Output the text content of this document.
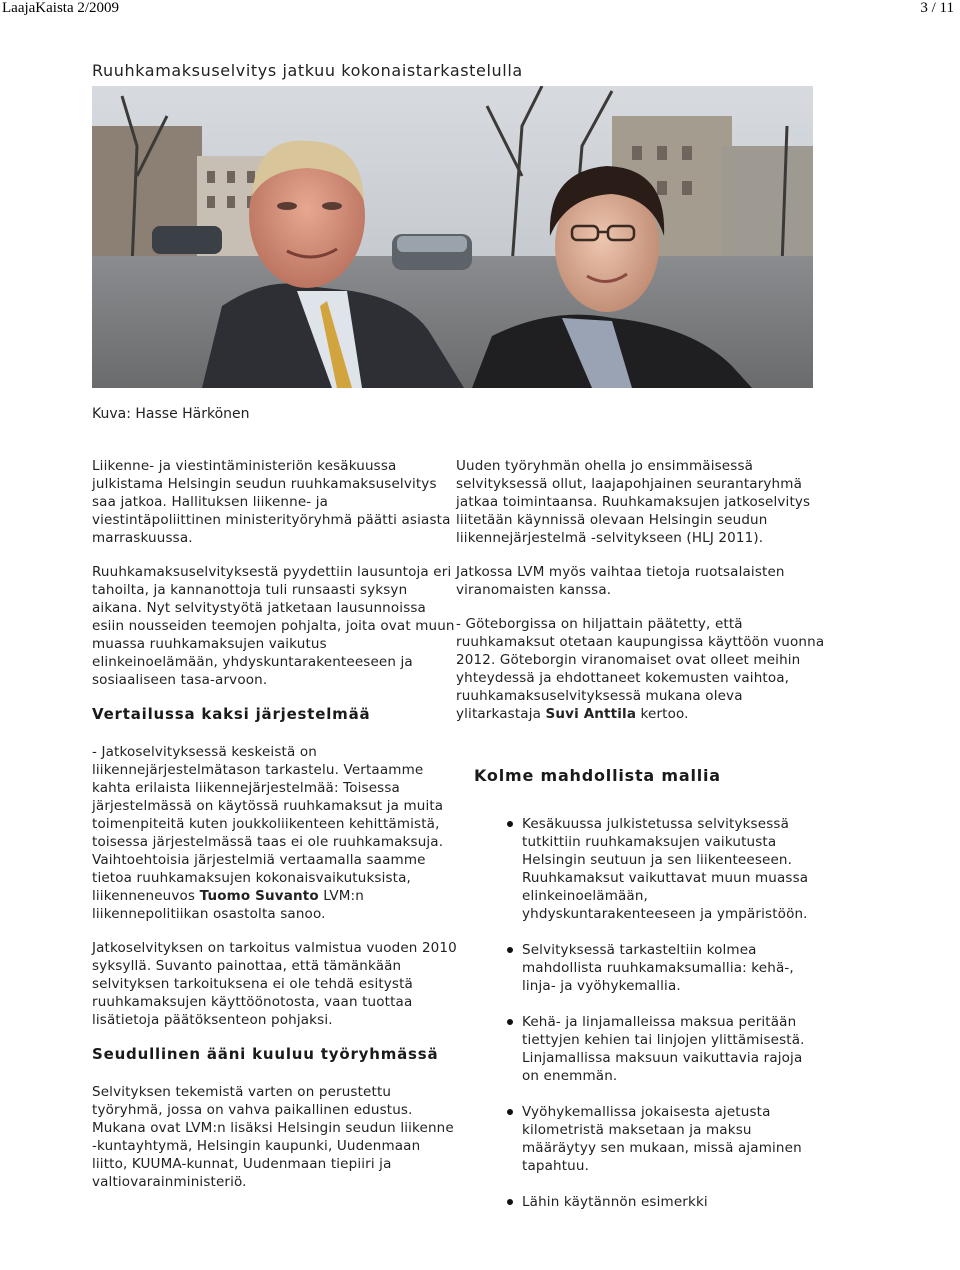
LaajaKaista 2/2009	3 / 11
Ruuhkamaksuselvitys jatkuu kokonaistarkastelulla

Kuva: Hasse Härkönen

Liikenne- ja viestintäministeriön kesäkuussa julkistama Helsingin seudun ruuhkamaksuselvitys saa jatkoa. Hallituksen liikenne- ja viestintäpoliittinen ministerityöryhmä päätti asiasta marraskuussa.

Ruuhkamaksuselvityksestä pyydettiin lausuntoja eri tahoilta, ja kannanottoja tuli runsaasti syksyn aikana. Nyt selvitystyötä jatketaan lausunnoissa esiin nousseiden teemojen pohjalta, joita ovat muun muassa ruuhkamaksujen vaikutus elinkeinoelämään, yhdyskuntarakenteeseen ja sosiaaliseen tasa-arvoon.

Vertailussa kaksi järjestelmää

- Jatkoselvityksessä keskeistä on liikennejärjestelmätason tarkastelu. Vertaamme kahta erilaista liikennejärjestelmää: Toisessa järjestelmässä on käytössä ruuhkamaksut ja muita toimenpiteitä kuten joukkoliikenteen kehittämistä, toisessa järjestelmässä taas ei ole ruuhkamaksuja. Vaihtoehtoisia järjestelmiä vertaamalla saamme tietoa ruuhkamaksujen kokonaisvaikutuksista, liikenneneuvos Tuomo Suvanto LVM:n liikennepolitiikan osastolta sanoo.

Jatkoselvityksen on tarkoitus valmistua vuoden 2010 syksyllä. Suvanto painottaa, että tämänkään selvityksen tarkoituksena ei ole tehdä esitystä ruuhkamaksujen käyttöönotosta, vaan tuottaa lisätietoja päätöksenteon pohjaksi.

Seudullinen ääni kuuluu työryhmässä

Selvityksen tekemistä varten on perustettu työryhmä, jossa on vahva paikallinen edustus. Mukana ovat LVM:n lisäksi Helsingin seudun liikenne -kuntayhtymä, Helsingin kaupunki, Uudenmaan liitto, KUUMA-kunnat, Uudenmaan tiepiiri ja valtiovarainministeriö.

Uuden työryhmän ohella jo ensimmäisessä selvityksessä ollut, laajapohjainen seurantaryhmä jatkaa toimintaansa. Ruuhkamaksujen jatkoselvitys liitetään käynnissä olevaan Helsingin seudun liikennejärjestelmä -selvitykseen (HLJ 2011).

Jatkossa LVM myös vaihtaa tietoja ruotsalaisten viranomaisten kanssa.

- Göteborgissa on hiljattain päätetty, että ruuhkamaksut otetaan kaupungissa käyttöön vuonna 2012. Göteborgin viranomaiset ovat olleet meihin yhteydessä ja ehdottaneet kokemusten vaihtoa, ruuhkamaksuselvityksessä mukana oleva ylitarkastaja Suvi Anttila kertoo.

Kolme mahdollista mallia
Kesäkuussa julkistetussa selvityksessä tutkittiin ruuhkamaksujen vaikutusta Helsingin seutuun ja sen liikenteeseen. Ruuhkamaksut vaikuttavat muun muassa elinkeinoelämään, yhdyskuntarakenteeseen ja ympäristöön.
Selvityksessä tarkasteltiin kolmea mahdollista ruuhkamaksumallia: kehä-, linja- ja vyöhykemallia.
Kehä- ja linjamalleissa maksua peritään tiettyjen kehien tai linjojen ylittämisestä. Linjamallissa maksuun vaikuttavia rajoja on enemmän.
Vyöhykemallissa jokaisesta ajetusta kilometristä maksetaan ja maksu määräytyy sen mukaan, missä ajaminen tapahtuu.
Lähin käytännön esimerkki
